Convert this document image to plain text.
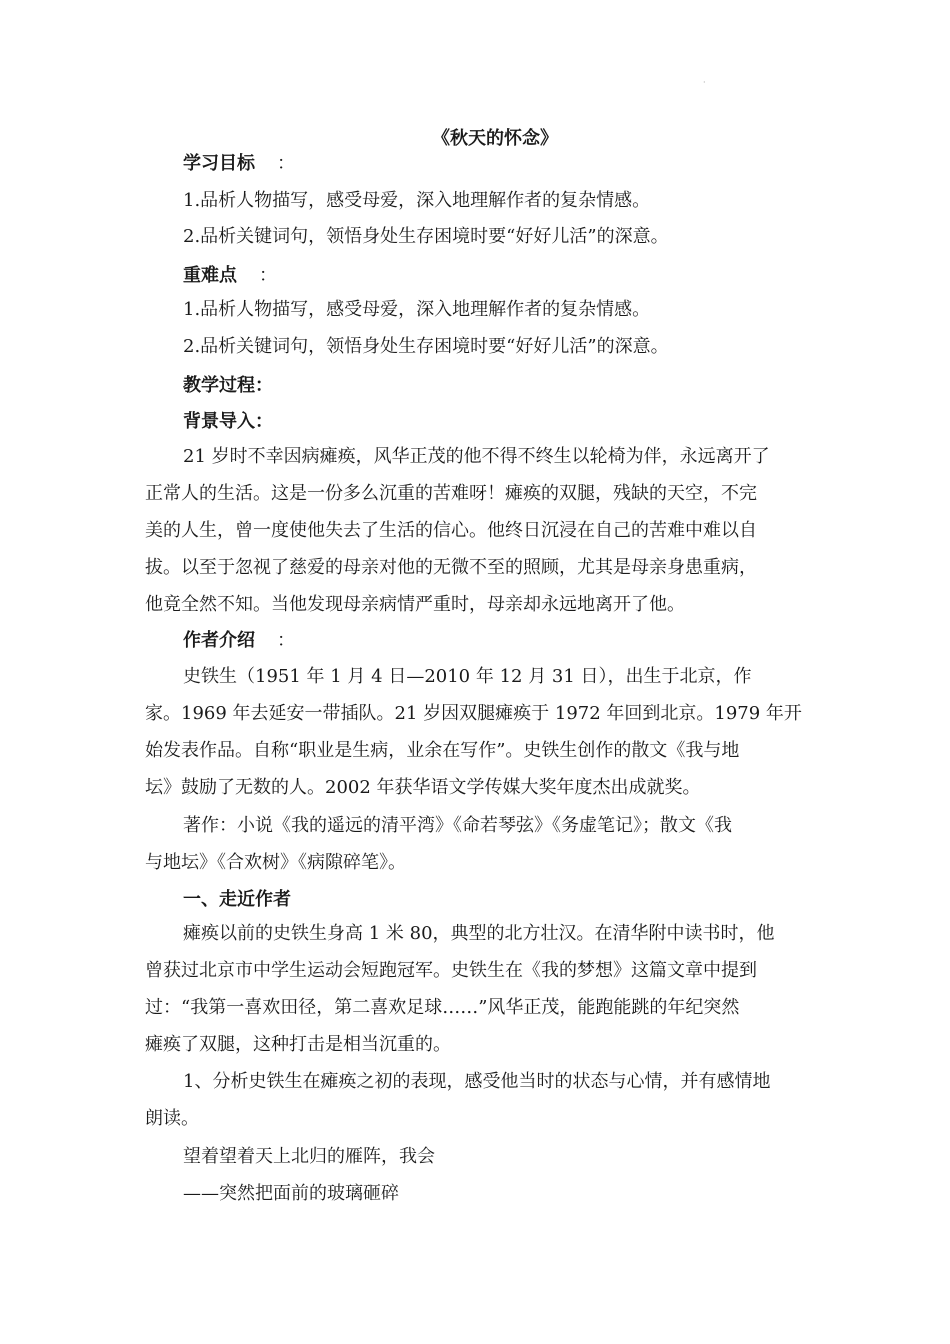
·
《秋天的怀念》
学习目标 ：
1.品析人物描写，感受母爱，深入地理解作者的复杂情感。
2.品析关键词句，领悟身处生存困境时要“好好儿活”的深意。
重难点 ：
1.品析人物描写，感受母爱，深入地理解作者的复杂情感。
2.品析关键词句，领悟身处生存困境时要“好好儿活”的深意。
教学过程：
背景导入：
21 岁时不幸因病瘫痪，风华正茂的他不得不终生以轮椅为伴，永远离开了
正常人的生活。这是一份多么沉重的苦难呀！瘫痪的双腿，残缺的天空，不完
美的人生，曾一度使他失去了生活的信心。他终日沉浸在自己的苦难中难以自
拔。以至于忽视了慈爱的母亲对他的无微不至的照顾，尤其是母亲身患重病，
他竟全然不知。当他发现母亲病情严重时，母亲却永远地离开了他。
作者介绍 ：
史铁生（1951 年 1 月 4 日—2010 年 12 月 31 日），出生于北京，作
家。1969 年去延安一带插队。21 岁因双腿瘫痪于 1972 年回到北京。1979 年开
始发表作品。自称“职业是生病，业余在写作”。史铁生创作的散文《我与地
坛》鼓励了无数的人。2002 年获华语文学传媒大奖年度杰出成就奖。
著作：小说《我的遥远的清平湾》《命若琴弦》《务虚笔记》；散文《我
与地坛》《合欢树》《病隙碎笔》。
一、走近作者
瘫痪以前的史铁生身高 1 米 80，典型的北方壮汉。在清华附中读书时，他
曾获过北京市中学生运动会短跑冠军。史铁生在《我的梦想》这篇文章中提到
过：“我第一喜欢田径，第二喜欢足球……”风华正茂，能跑能跳的年纪突然
瘫痪了双腿，这种打击是相当沉重的。
1、分析史铁生在瘫痪之初的表现，感受他当时的状态与心情，并有感情地
朗读。
望着望着天上北归的雁阵，我会
——突然把面前的玻璃砸碎
